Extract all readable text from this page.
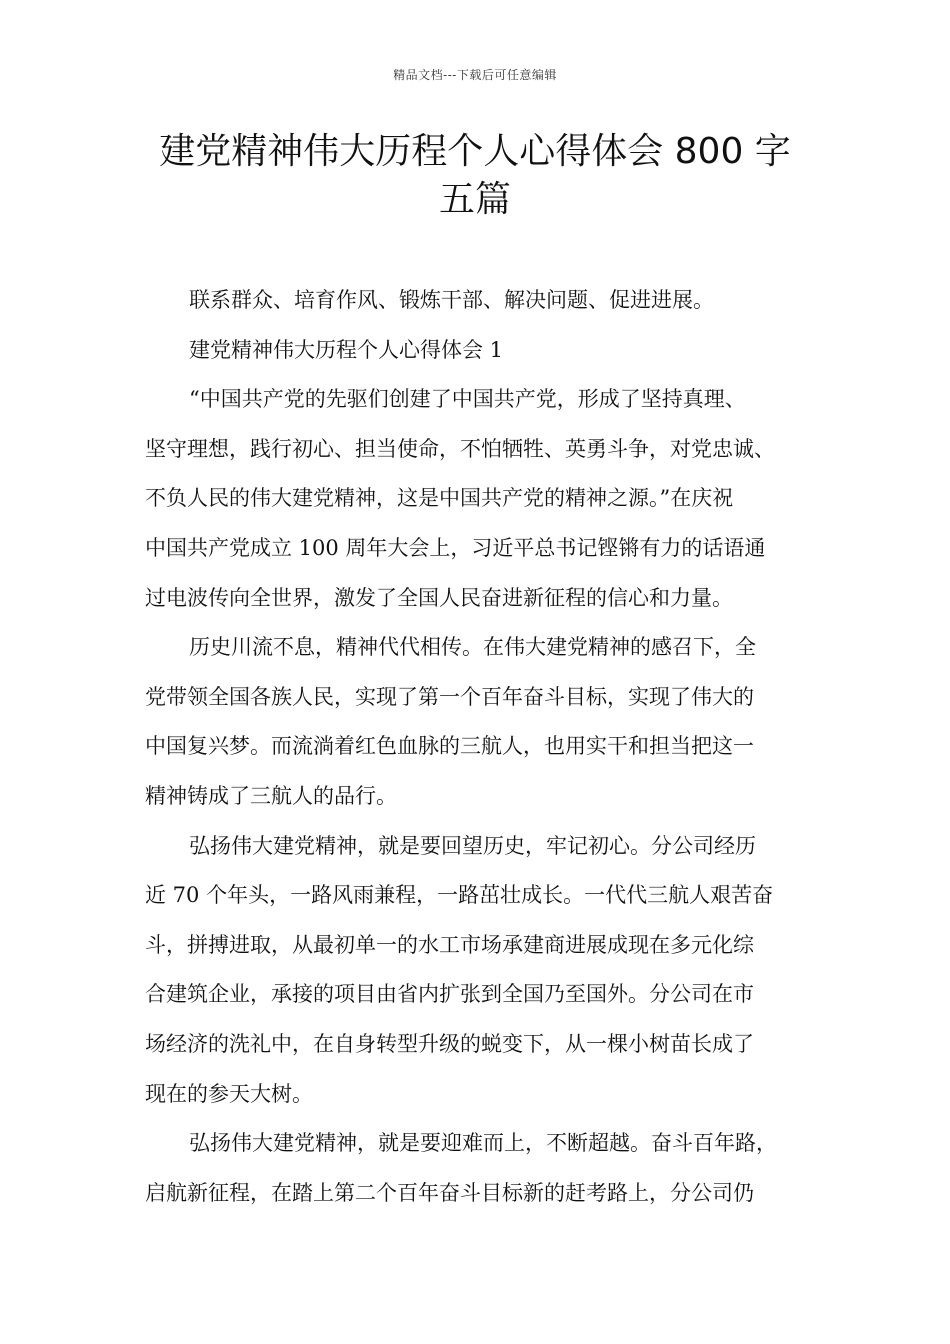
精品文档---下载后可任意编辑
建党精神伟大历程个人心得体会 800 字
五篇
联系群众、培育作风、锻炼干部、解决问题、促进进展。
建党精神伟大历程个人心得体会 1
“中国共产党的先驱们创建了中国共产党，形成了坚持真理、
坚守理想，践行初心、担当使命，不怕牺牲、英勇斗争，对党忠诚、
不负人民的伟大建党精神，这是中国共产党的精神之源。”在庆祝
中国共产党成立 100 周年大会上，习近平总书记铿锵有力的话语通
过电波传向全世界，激发了全国人民奋进新征程的信心和力量。
历史川流不息，精神代代相传。在伟大建党精神的感召下，全
党带领全国各族人民，实现了第一个百年奋斗目标，实现了伟大的
中国复兴梦。而流淌着红色血脉的三航人，也用实干和担当把这一
精神铸成了三航人的品行。
弘扬伟大建党精神，就是要回望历史，牢记初心。分公司经历
近 70 个年头，一路风雨兼程，一路茁壮成长。一代代三航人艰苦奋
斗，拼搏进取，从最初单一的水工市场承建商进展成现在多元化综
合建筑企业，承接的项目由省内扩张到全国乃至国外。分公司在市
场经济的洗礼中，在自身转型升级的蜕变下，从一棵小树苗长成了
现在的参天大树。
弘扬伟大建党精神，就是要迎难而上，不断超越。奋斗百年路，
启航新征程，在踏上第二个百年奋斗目标新的赶考路上，分公司仍
